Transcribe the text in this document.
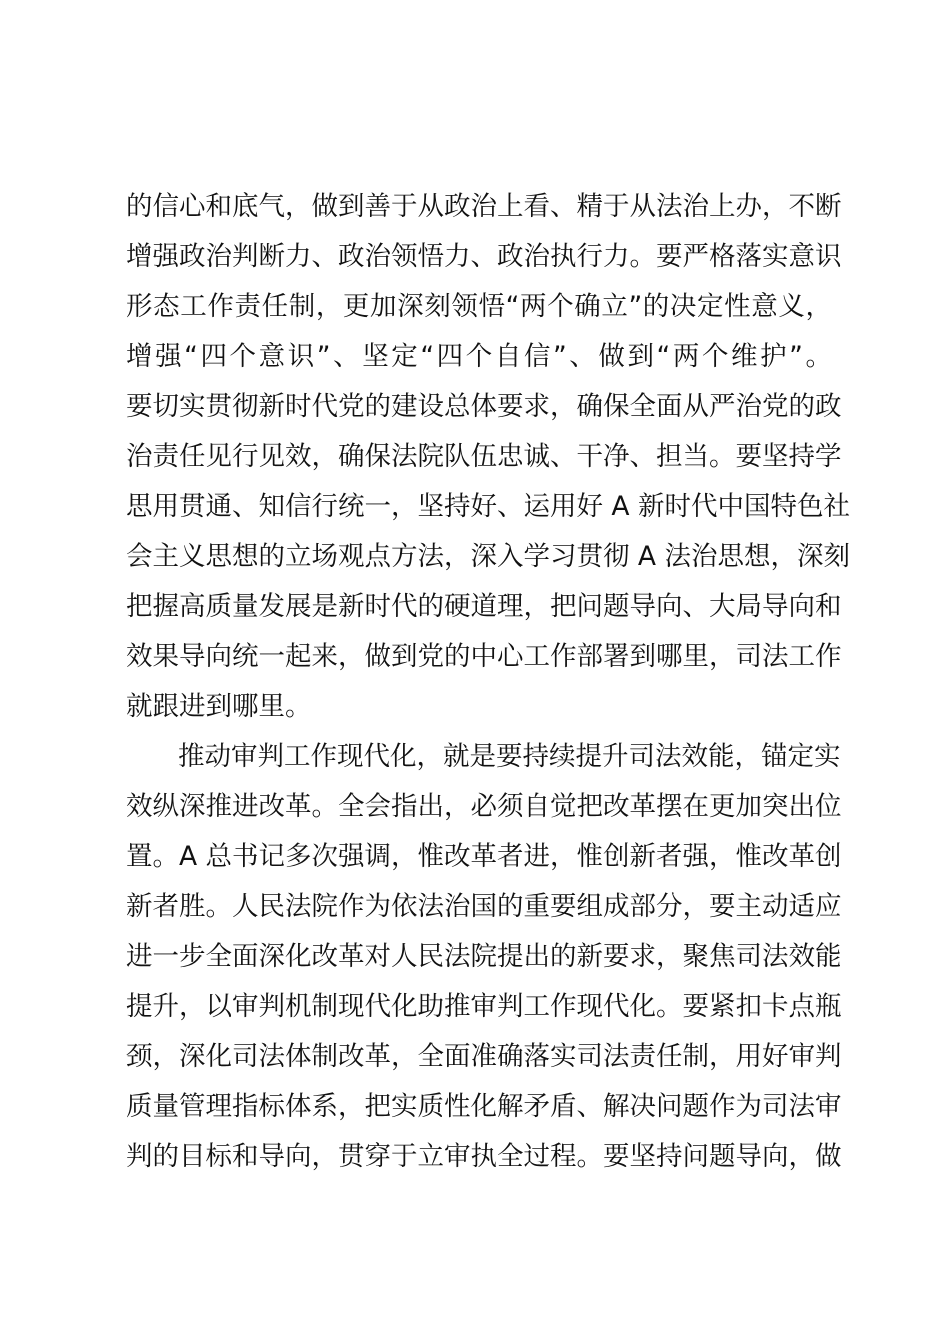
的信心和底气，做到善于从政治上看、精于从法治上办，不断
增强政治判断力、政治领悟力、政治执行力。要严格落实意识
形态工作责任制，更加深刻领悟“两个确立”的决定性意义，
增强“四个意识”、坚定“四个自信”、做到“两个维护”。
要切实贯彻新时代党的建设总体要求，确保全面从严治党的政
治责任见行见效，确保法院队伍忠诚、干净、担当。要坚持学
思用贯通、知信行统一，坚持好、运用好 A 新时代中国特色社
会主义思想的立场观点方法，深入学习贯彻 A 法治思想，深刻
把握高质量发展是新时代的硬道理，把问题导向、大局导向和
效果导向统一起来，做到党的中心工作部署到哪里，司法工作
就跟进到哪里。
推动审判工作现代化，就是要持续提升司法效能，锚定实
效纵深推进改革。全会指出，必须自觉把改革摆在更加突出位
置。A 总书记多次强调，惟改革者进，惟创新者强，惟改革创
新者胜。人民法院作为依法治国的重要组成部分，要主动适应
进一步全面深化改革对人民法院提出的新要求，聚焦司法效能
提升，以审判机制现代化助推审判工作现代化。要紧扣卡点瓶
颈，深化司法体制改革，全面准确落实司法责任制，用好审判
质量管理指标体系，把实质性化解矛盾、解决问题作为司法审
判的目标和导向，贯穿于立审执全过程。要坚持问题导向，做
